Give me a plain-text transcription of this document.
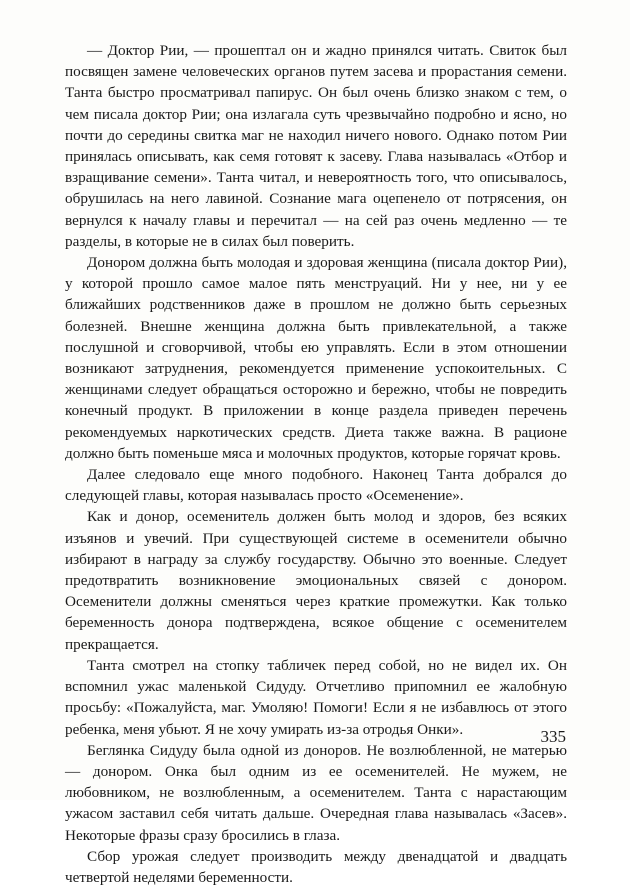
— Доктор Рии, — прошептал он и жадно принялся читать. Свиток был посвящен замене человеческих органов путем засева и прорастания семени. Танта быстро просматривал папирус. Он был очень близко знаком с тем, о чем писала доктор Рии; она излагала суть чрезвычайно подробно и ясно, но почти до середины свитка маг не находил ничего нового. Однако потом Рии принялась описывать, как семя готовят к засеву. Глава называлась «Отбор и взращивание семени». Танта читал, и невероятность того, что описывалось, обрушилась на него лавиной. Сознание мага оцепенело от потрясения, он вернулся к началу главы и перечитал — на сей раз очень медленно — те разделы, в которые не в силах был поверить.

Донором должна быть молодая и здоровая женщина (писала доктор Рии), у которой прошло самое малое пять менструаций. Ни у нее, ни у ее ближайших родственников даже в прошлом не должно быть серьезных болезней. Внешне женщина должна быть привлекательной, а также послушной и сговорчивой, чтобы ею управлять. Если в этом отношении возникают затруднения, рекомендуется применение успокоительных. С женщинами следует обращаться осторожно и бережно, чтобы не повредить конечный продукт. В приложении в конце раздела приведен перечень рекомендуемых наркотических средств. Диета также важна. В рационе должно быть поменьше мяса и молочных продуктов, которые горячат кровь.

Далее следовало еще много подобного. Наконец Танта добрался до следующей главы, которая называлась просто «Осеменение».

Как и донор, осеменитель должен быть молод и здоров, без всяких изъянов и увечий. При существующей системе в осеменители обычно избирают в награду за службу государству. Обычно это военные. Следует предотвратить возникновение эмоциональных связей с донором. Осеменители должны сменяться через краткие промежутки. Как только беременность донора подтверждена, всякое общение с осеменителем прекращается.

Танта смотрел на стопку табличек перед собой, но не видел их. Он вспомнил ужас маленькой Сидуду. Отчетливо припомнил ее жалобную просьбу: «Пожалуйста, маг. Умоляю! Помоги! Если я не избавлюсь от этого ребенка, меня убьют. Я не хочу умирать из-за отродья Онки».

Беглянка Сидуду была одной из доноров. Не возлюбленной, не матерью — донором. Онка был одним из ее осеменителей. Не мужем, не любовником, не возлюбленным, а осеменителем. Танта с нарастающим ужасом заставил себя читать дальше. Очередная глава называлась «Засев». Некоторые фразы сразу бросились в глаза.

Сбор урожая следует производить между двенадцатой и двадцать четвертой неделями беременности.

335
